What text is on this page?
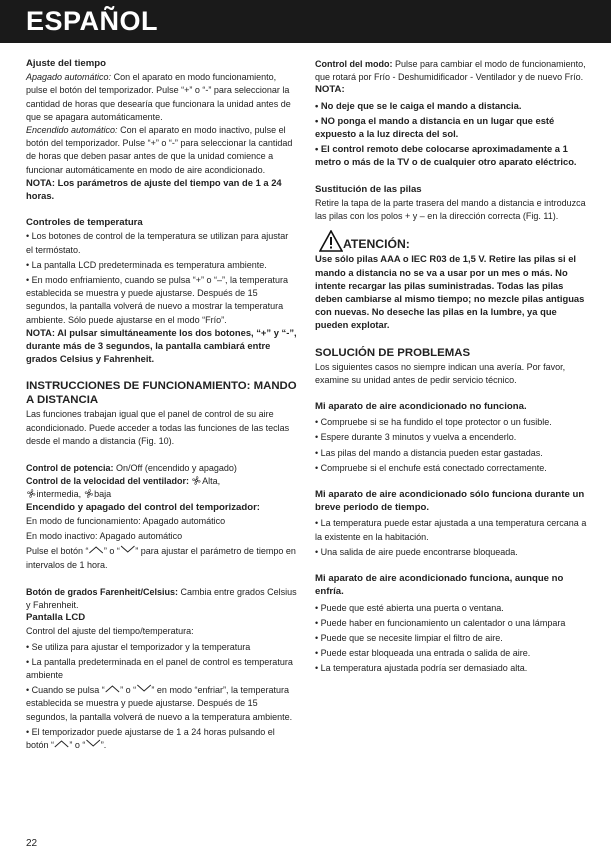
ESPAÑOL

Ajuste del tiempo

Apagado automático: Con el aparato en modo funcionamiento, pulse el botón del temporizador. Pulse “+” o “-” para seleccionar la cantidad de horas que desearía que funcionara la unidad antes de que se apagara automáticamente.

Encendido automático: Con el aparato en modo inactivo, pulse el botón del temporizador. Pulse “+” o “-” para seleccionar la cantidad de horas que deben pasar antes de que la unidad comience a funcionar automáticamente en modo de aire acondicionado.

NOTA: Los parámetros de ajuste del tiempo van de 1 a 24 horas.

Controles de temperatura

• Los botones de control de la temperatura se utilizan para ajustar el termóstato.

• La pantalla LCD predeterminada es temperatura ambiente.

• En modo enfriamiento, cuando se pulsa “+” o “–”, la temperatura establecida se muestra y puede ajustarse. Después de 15 segundos, la pantalla volverá de nuevo a mostrar la temperatura ambiente. Sólo puede ajustarse en el modo “Frío”.

NOTA: Al pulsar simultáneamente los dos botones, “+” y “-”, durante más de 3 segundos, la pantalla cambiará entre grados Celsius y Fahrenheit.

INSTRUCCIONES DE FUNCIONAMIENTO: MANDO A DISTANCIA

Las funciones trabajan igual que el panel de control de su aire acondicionado. Puede acceder a todas las funciones de las teclas desde el mando a distancia (Fig. 10).

Control de potencia: On/Off (encendido y apagado)

Control de la velocidad del ventilador: Alta,
intermedia, baja

Encendido y apagado del control del temporizador:

En modo de funcionamiento: Apagado automático

En modo inactivo: Apagado automático

Pulse el botón “ ” o “ ” para ajustar el parámetro de tiempo en intervalos de 1 hora.

Botón de grados Farenheit/Celsius: Cambia entre grados Celsius y Fahrenheit.

Pantalla LCD

Control del ajuste del tiempo/temperatura:

• Se utiliza para ajustar el temporizador y la temperatura

• La pantalla predeterminada en el panel de control es temperatura ambiente

• Cuando se pulsa “ ” o “ ” en modo “enfriar”, la temperatura establecida se muestra y puede ajustarse. Después de 15 segundos, la pantalla volverá de nuevo a la temperatura ambiente.

• El temporizador puede ajustarse de 1 a 24 horas pulsando el botón “ ” o “ ”.

Control del modo: Pulse para cambiar el modo de funcionamiento, que rotará por Frío - Deshumidificador - Ventilador y de nuevo Frío.

NOTA:

• No deje que se le caiga el mando a distancia.

• NO ponga el mando a distancia en un lugar que esté expuesto a la luz directa del sol.

• El control remoto debe colocarse aproximadamente a 1 metro o más de la TV o de cualquier otro aparato eléctrico.

Sustitución de las pilas

Retire la tapa de la parte trasera del mando a distancia e introduzca las pilas con los polos + y – en la dirección correcta (Fig. 11).

ATENCIÓN:

Use sólo pilas AAA o IEC R03 de 1,5 V. Retire las pilas si el mando a distancia no se va a usar por un mes o más. No intente recargar las pilas suministradas. Todas las pilas deben cambiarse al mismo tiempo; no mezcle pilas antiguas con nuevas. No deseche las pilas en la lumbre, ya que pueden explotar.

SOLUCIÓN DE PROBLEMAS

Los siguientes casos no siempre indican una avería. Por favor, examine su unidad antes de pedir servicio técnico.

Mi aparato de aire acondicionado no funciona.

• Compruebe si se ha fundido el tope protector o un fusible.

• Espere durante 3 minutos y vuelva a encenderlo.

• Las pilas del mando a distancia pueden estar gastadas.

• Compruebe si el enchufe está conectado correctamente.

Mi aparato de aire acondicionado sólo funciona durante un breve periodo de tiempo.

• La temperatura puede estar ajustada a una temperatura cercana a la existente en la habitación.

• Una salida de aire puede encontrarse bloqueada.

Mi aparato de aire acondicionado funciona, aunque no enfría.

• Puede que esté abierta una puerta o ventana.

• Puede haber en funcionamiento un calentador o una lámpara

• Puede que se necesite limpiar el filtro de aire.

• Puede estar bloqueada una entrada o salida de aire.

• La temperatura ajustada podría ser demasiado alta.

22
